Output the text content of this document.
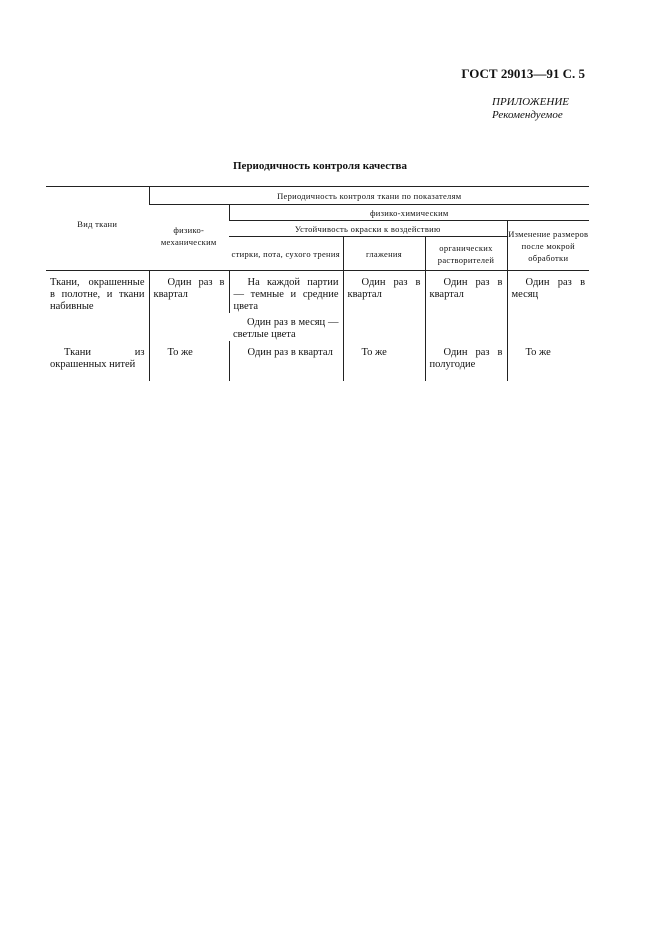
ГОСТ 29013—91 С. 5
ПРИЛОЖЕНИЕ
Рекомендуемое
Периодичность контроля качества
Вид ткани	Периодичность контроля ткани по показателям				
	физико-механическим	физико-химическим			
		Устойчивость окраски к воздействию			Изменение размеров после мокрой обработки
		стирки, пота, сухого трения	глажения	органических растворителей	
Ткани, окрашенные в полотне, и ткани набивные	Один раз в квартал	На каждой партии — темные и средние цвета	Один раз в квартал	Один раз в квартал	Один раз в месяц
		Один раз в месяц — светлые цвета			
Ткани из окрашенных нитей	То же	Один раз в квартал	То же	Один раз в полугодие	То же
